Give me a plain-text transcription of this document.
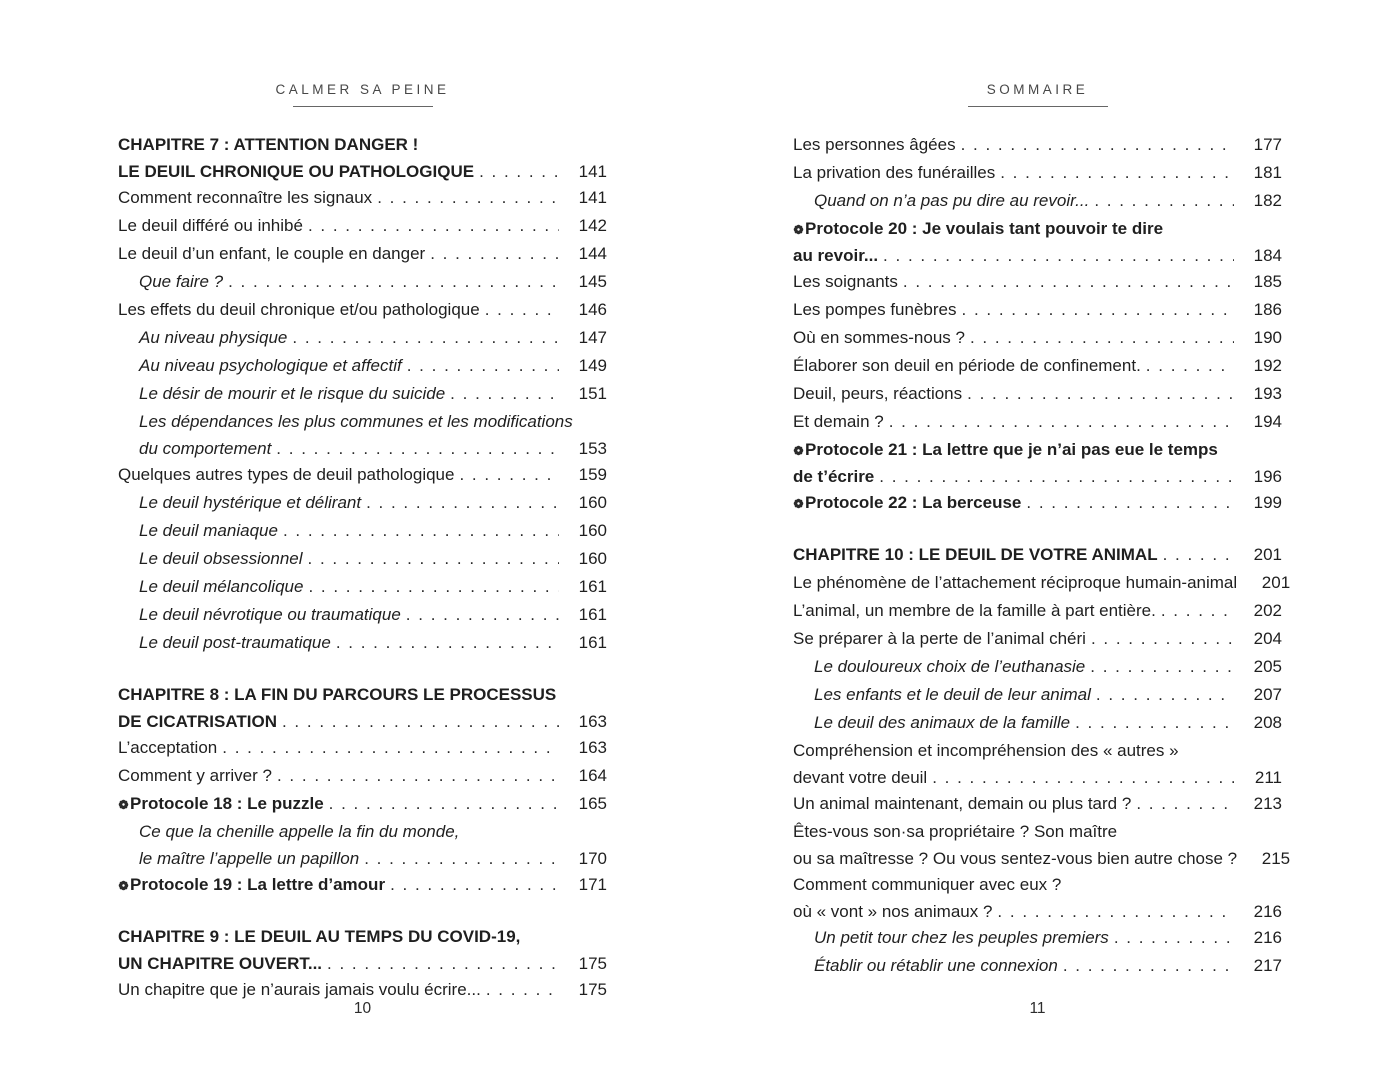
CALMER SA PEINE
CHAPITRE 7 : ATTENTION DANGER !
LE DEUIL CHRONIQUE OU PATHOLOGIQUE . . .	141
Comment reconnaître les signaux . . .	141
Le deuil différé ou inhibé . . .	142
Le deuil d’un enfant, le couple en danger . . .	144
Que faire ? . . .	145
Les effets du deuil chronique et/ou pathologique . . .	146
Au niveau physique . . .	147
Au niveau psychologique et affectif . . .	149
Le désir de mourir et le risque du suicide . . .	151
Les dépendances les plus communes et les modifications
du comportement . . .	153
Quelques autres types de deuil pathologique . . .	159
Le deuil hystérique et délirant . . .	160
Le deuil maniaque . . .	160
Le deuil obsessionnel . . .	160
Le deuil mélancolique . . .	161
Le deuil névrotique ou traumatique . . .	161
Le deuil post-traumatique . . .	161
CHAPITRE 8 : LA FIN DU PARCOURS LE PROCESSUS
DE CICATRISATION . . .	163
L’acceptation . . .	163
Comment y arriver ? . . .	164
Protocole 18 : Le puzzle . . .	165
Ce que la chenille appelle la fin du monde,
le maître l’appelle un papillon . . .	170
Protocole 19 : La lettre d’amour . . .	171
CHAPITRE 9 : LE DEUIL AU TEMPS DU COVID-19,
UN CHAPITRE OUVERT... . . .	175
Un chapitre que je n’aurais jamais voulu écrire... . . .	175
10
SOMMAIRE
Les personnes âgées . . .	177
La privation des funérailles . . .	181
Quand on n’a pas pu dire au revoir... . . .	182
Protocole 20 : Je voulais tant pouvoir te dire
au revoir... . . .	184
Les soignants . . .	185
Les pompes funèbres . . .	186
Où en sommes-nous ? . . .	190
Élaborer son deuil en période de confinement. . . .	192
Deuil, peurs, réactions . . .	193
Et demain ? . . .	194
Protocole 21 : La lettre que je n’ai pas eue le temps
de t’écrire . . .	196
Protocole 22 : La berceuse . . .	199
CHAPITRE 10 : LE DEUIL DE VOTRE ANIMAL . . .	201
Le phénomène de l’attachement réciproque humain-animal	201
L’animal, un membre de la famille à part entière. . . .	202
Se préparer à la perte de l’animal chéri . . .	204
Le douloureux choix de l’euthanasie . . .	205
Les enfants et le deuil de leur animal . . .	207
Le deuil des animaux de la famille . . .	208
Compréhension et incompréhension des « autres »
devant votre deuil . . .	211
Un animal maintenant, demain ou plus tard ? . . .	213
Êtes-vous son·sa propriétaire ? Son maître
ou sa maîtresse ? Ou vous sentez-vous bien autre chose ?	215
Comment communiquer avec eux ?
où « vont » nos animaux ? . . .	216
Un petit tour chez les peuples premiers . . .	216
Établir ou rétablir une connexion . . .	217
11
